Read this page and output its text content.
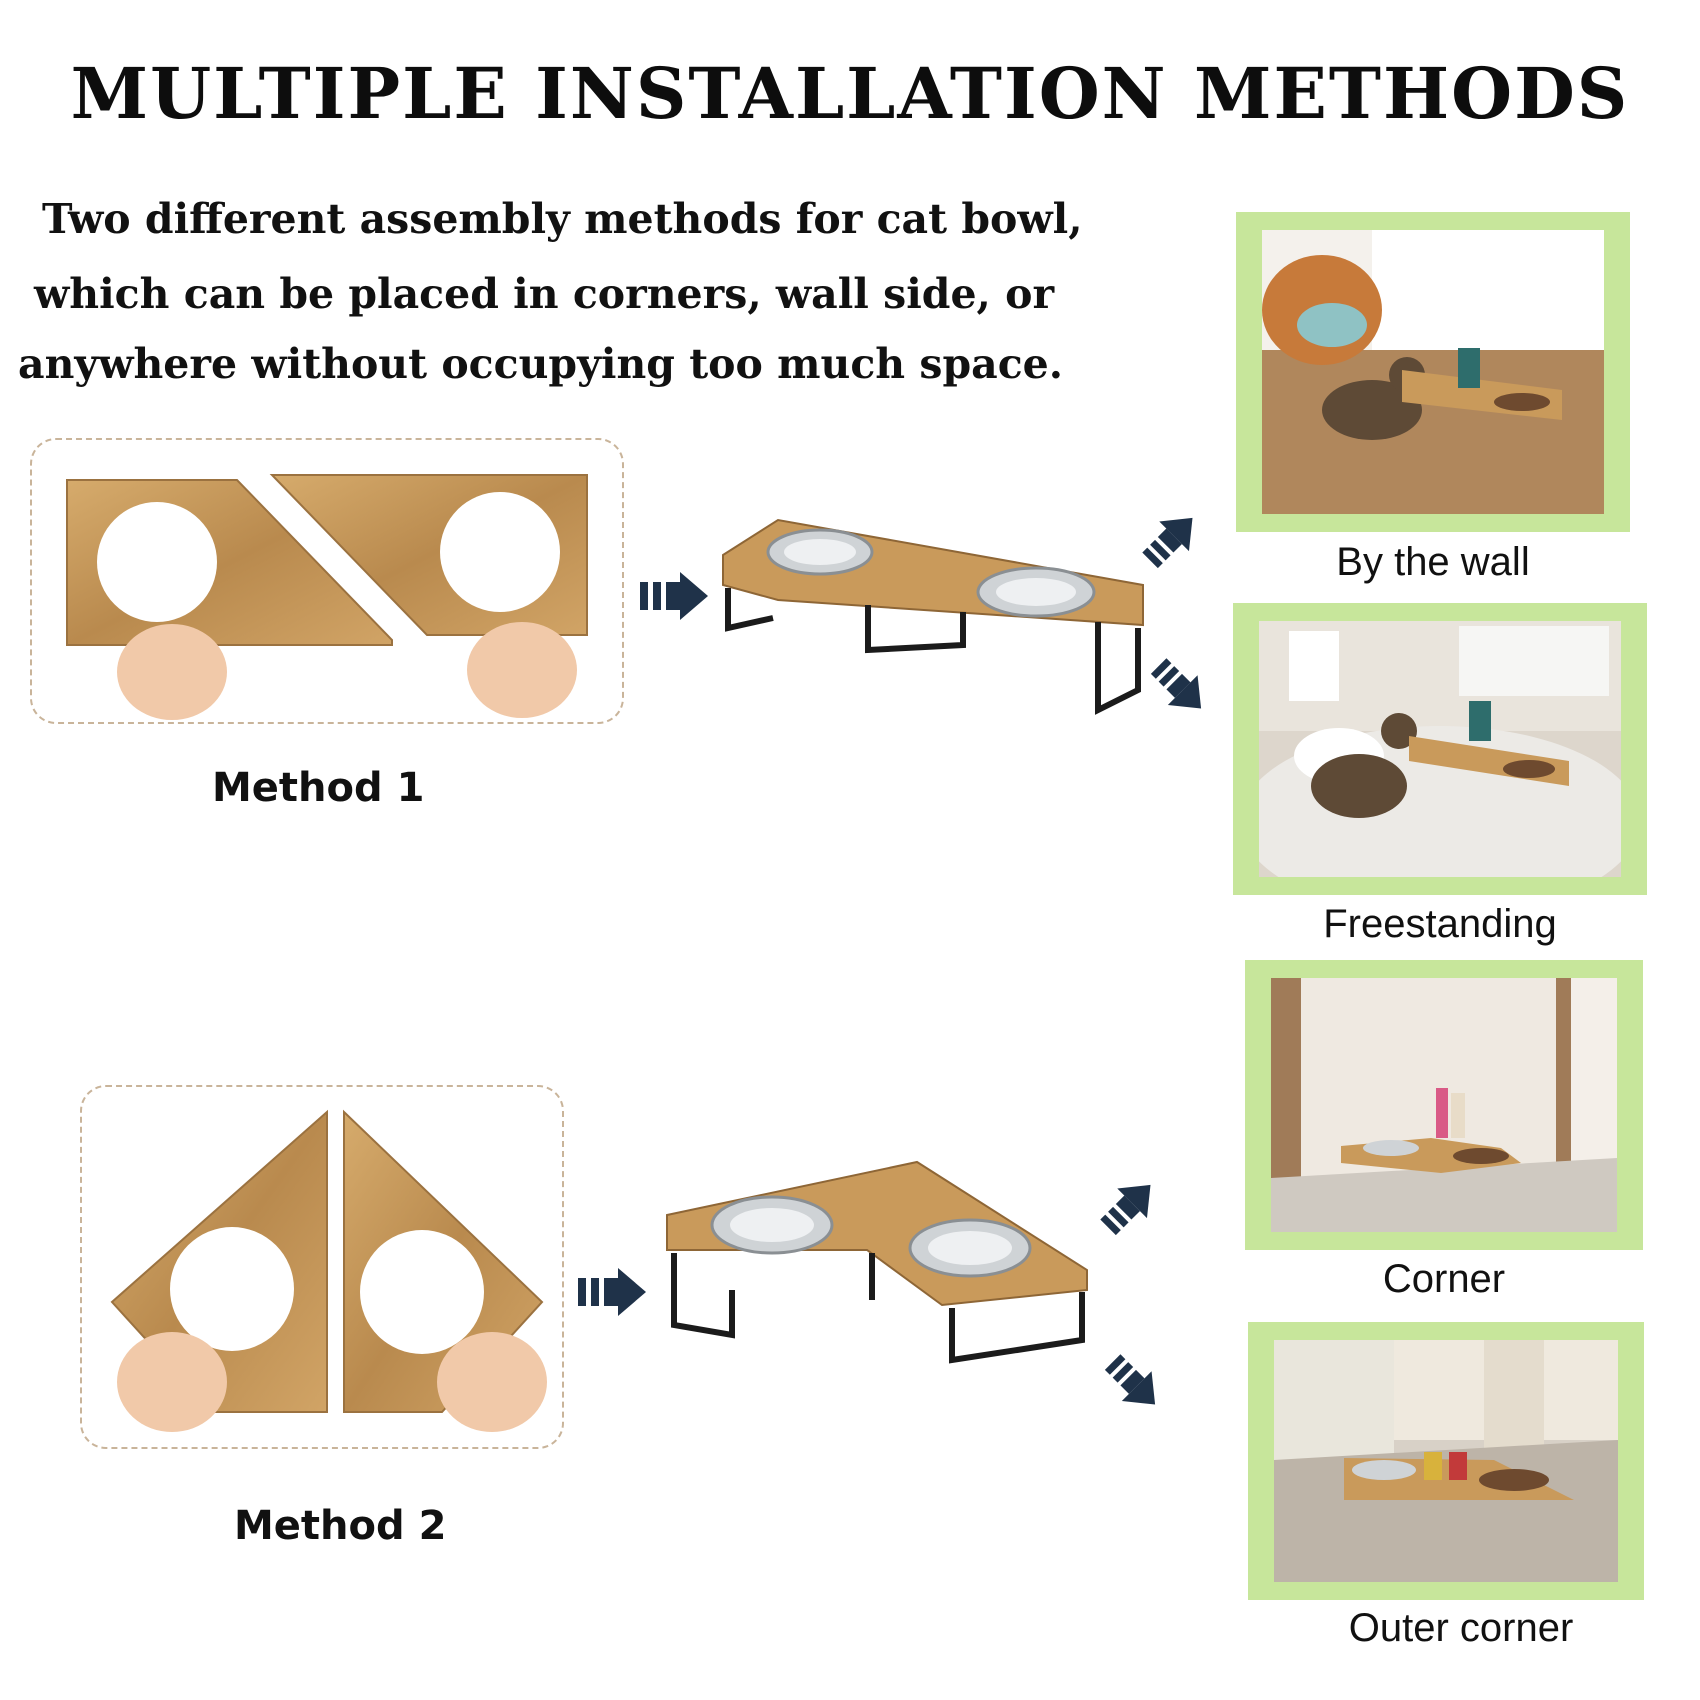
MULTIPLE INSTALLATION METHODS
Two different assembly methods for cat bowl,
which can be placed in corners, wall side, or
anywhere without occupying too much space.
Method 1
Method 2
By the wall
Freestanding
Corner
Outer corner
